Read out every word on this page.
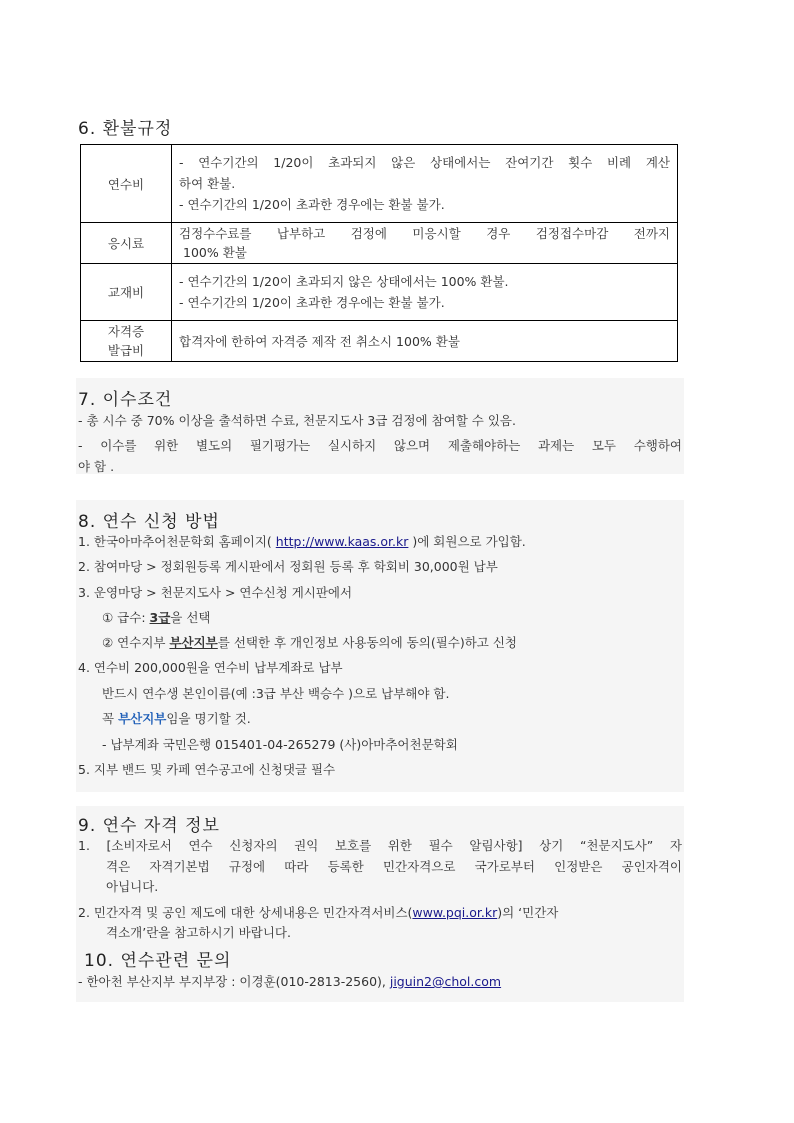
6. 환불규정
연수비	- 연수기간의 1/20이 초과되지 않은 상태에서는 잔여기간 횟수 비례 계산
하여 환불.
- 연수기간의 1/20이 초과한 경우에는 환불 불가.

응시료	검정수수료를 납부하고 검정에 미응시할 경우 검정접수마감 전까지
100% 환불

교재비	- 연수기간의 1/20이 초과되지 않은 상태에서는 100% 환불.
- 연수기간의 1/20이 초과한 경우에는 환불 불가.

자격증
발급비	합격자에 한하여 자격증 제작 전 취소시 100% 환불
7. 이수조건
- 총 시수 중 70% 이상을 출석하면 수료, 천문지도사 3급 검정에 참여할 수 있음.
- 이수를 위한 별도의 필기평가는 실시하지 않으며 제출해야하는 과제는 모두 수행하여
야 함 .
8. 연수 신청 방법
1. 한국아마추어천문학회 홈페이지( http://www.kaas.or.kr )에 회원으로 가입함.
2. 참여마당 > 정회원등록 게시판에서 정회원 등록 후 학회비 30,000원 납부
3. 운영마당 > 천문지도사 > 연수신청 게시판에서
① 급수: 3급을 선택
② 연수지부 부산지부를 선택한 후 개인정보 사용동의에 동의(필수)하고 신청
4. 연수비 200,000원을 연수비 납부계좌로 납부
반드시 연수생 본인이름(예 :3급 부산 백승수 )으로 납부해야 함.
꼭 부산지부임을 명기할 것.
- 납부계좌 국민은행 015401-04-265279 (사)아마추어천문학회
5. 지부 밴드 및 카페 연수공고에 신청댓글 필수
9. 연수 자격 정보
1. [소비자로서 연수 신청자의 권익 보호를 위한 필수 알림사항] 상기 “천문지도사” 자
격은 자격기본법 규정에 따라 등록한 민간자격으로 국가로부터 인정받은 공인자격이
아닙니다.
2. 민간자격 및 공인 제도에 대한 상세내용은 민간자격서비스(www.pqi.or.kr)의 ‘민간자
격소개’란을 참고하시기 바랍니다.
10. 연수관련 문의
- 한아천 부산지부 부지부장 : 이경훈(010-2813-2560), jiguin2@chol.com
